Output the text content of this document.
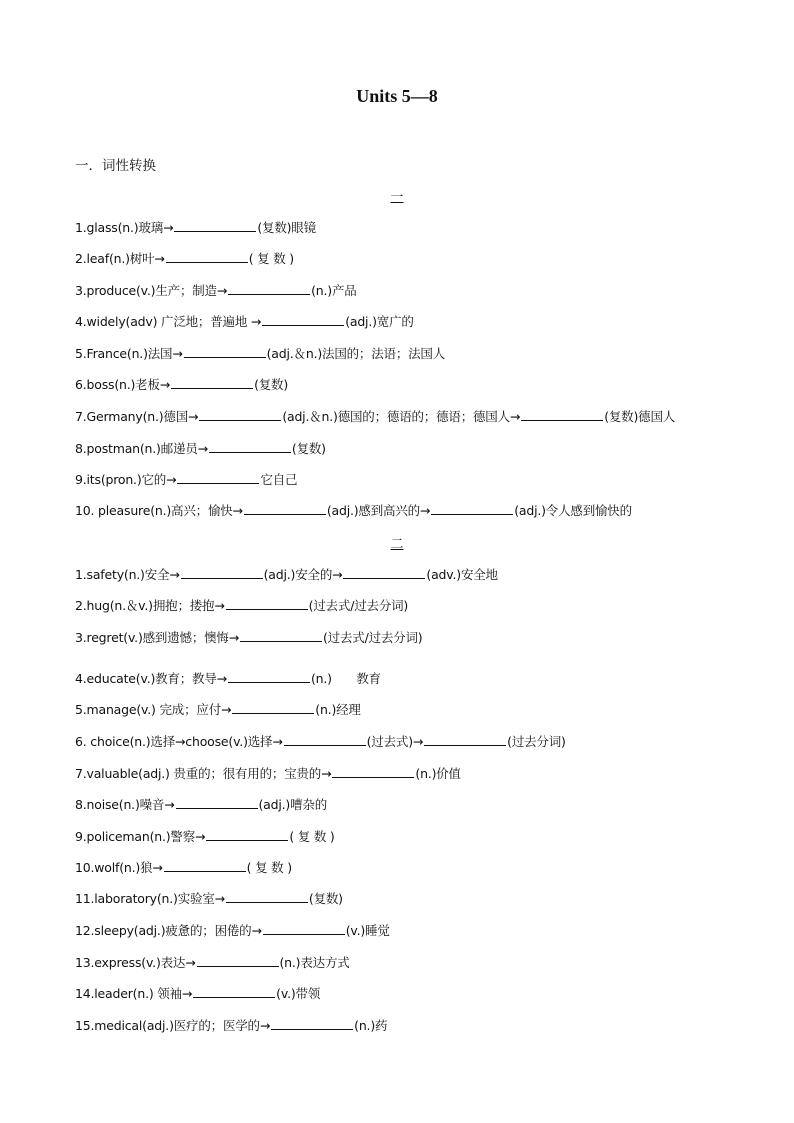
Units 5—8
一．词性转换
一
1.glass(n.)玻璃→	(复数)眼镜
2.leaf(n.)树叶→	( 复 数 )
3.produce(v.)生产；制造→	(n.)产品
4.widely(adv) 广泛地；普遍地 →	(adj.)宽广的
5.France(n.)法国→	(adj.＆n.)法国的；法语；法国人
6.boss(n.)老板→	(复数)
7.Germany(n.)德国→	(adj.＆n.)德国的；德语的；德语；德国人→	(复数)德国人
8.postman(n.)邮递员→	(复数)
9.its(pron.)它的→	它自己
10. pleasure(n.)高兴；愉快→	(adj.)感到高兴的→	(adj.)令人感到愉快的
二
1.safety(n.)安全→	(adj.)安全的→	(adv.)安全地
2.hug(n.＆v.)拥抱；搂抱→	(过去式/过去分词)
3.regret(v.)感到遗憾；懊悔→	(过去式/过去分词)
4.educate(v.)教育；教导→	(n.)　　教育
5.manage(v.) 完成；应付→	(n.)经理
6. choice(n.)选择→choose(v.)选择→	(过去式)→	(过去分词)
7.valuable(adj.) 贵重的；很有用的；宝贵的→	(n.)价值
8.noise(n.)噪音→	(adj.)嘈杂的
9.policeman(n.)警察→	( 复 数 )
10.wolf(n.)狼→	( 复 数 )
11.laboratory(n.)实验室→	(复数)
12.sleepy(adj.)疲惫的；困倦的→	(v.)睡觉
13.express(v.)表达→	(n.)表达方式
14.leader(n.) 领袖→	(v.)带领
15.medical(adj.)医疗的；医学的→	(n.)药
